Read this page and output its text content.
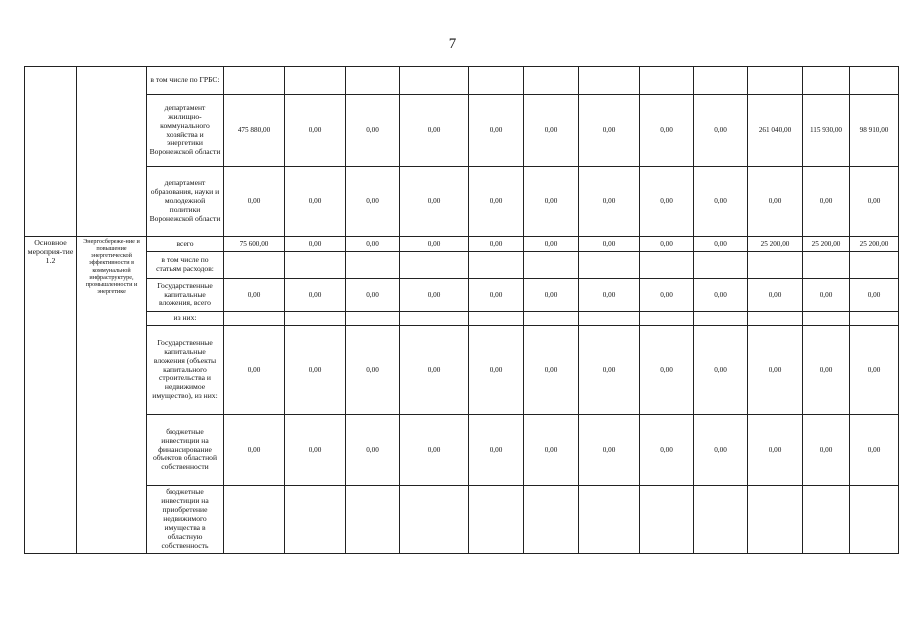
7
		в том числе по ГРБС:												
		департамент жилищно-коммунального хозяйства и энергетики Воронежской области	475 880,00	0,00	0,00	0,00	0,00	0,00	0,00	0,00	0,00	261 040,00	115 930,00	98 910,00
		департамент образования, науки и молодежной политики Воронежской области	0,00	0,00	0,00	0,00	0,00	0,00	0,00	0,00	0,00	0,00	0,00	0,00
Основное мероприя-тие 1.2	Энергосбереже-ние и повышение энергетической эффективности в коммунальной инфраструктуре, промышленности и энергетике	всего	75 600,00	0,00	0,00	0,00	0,00	0,00	0,00	0,00	0,00	25 200,00	25 200,00	25 200,00
		в том числе по статьям расходов:												
		Государственные капитальные вложения, всего	0,00	0,00	0,00	0,00	0,00	0,00	0,00	0,00	0,00	0,00	0,00	0,00
		из них:												
		Государственные капитальные вложения (объекты капитального строительства и недвижимое имущество), из них:	0,00	0,00	0,00	0,00	0,00	0,00	0,00	0,00	0,00	0,00	0,00	0,00
		бюджетные инвестиции на финансирование объектов областной собственности	0,00	0,00	0,00	0,00	0,00	0,00	0,00	0,00	0,00	0,00	0,00	0,00
		бюджетные инвестиции на приобретение недвижимого имущества в областную собственность												
